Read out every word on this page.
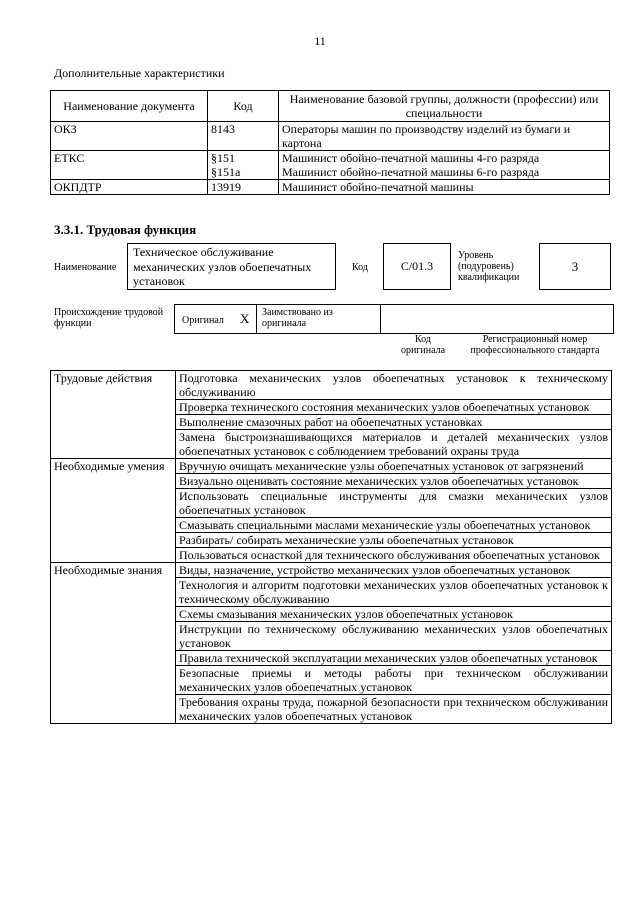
11
Дополнительные характеристики
Наименование документа	Код	Наименование базовой группы, должности (профессии) или специальности
ОКЗ	8143	Операторы машин по производству изделий из бумаги и картона
ЕТКС	§151	Машинист обойно-печатной машины 4-го разряда
	§151а	Машинист обойно-печатной машины 6-го разряда
ОКПДТР	13919	Машинист обойно-печатной машины
3.3.1. Трудовая функция
Наименование
Техническое обслуживание механических узлов обоепечатных установок
Код	С/01.3
Уровень (подуровень) квалификации
3
Происхождение трудовой функции	Оригинал X Заимствовано из оригинала
Код оригинала
Регистрационный номер профессионального стандарта
Трудовые действия	Подготовка механических узлов обоепечатных установок к техническому обслуживанию
	Проверка технического состояния механических узлов обоепечатных установок
	Выполнение смазочных работ на обоепечатных установках
	Замена быстроизнашивающихся материалов и деталей механических узлов обоепечатных установок с соблюдением требований охраны труда
Необходимые умения	Вручную очищать механические узлы обоепечатных установок от загрязнений
	Визуально оценивать состояние механических узлов обоепечатных установок
	Использовать специальные инструменты для смазки механических узлов обоепечатных установок
	Смазывать специальными маслами механические узлы обоепечатных установок
	Разбирать/ собирать механические узлы обоепечатных установок
	Пользоваться оснасткой для технического обслуживания обоепечатных установок
Необходимые знания	Виды, назначение, устройство механических узлов обоепечатных установок
	Технология и алгоритм подготовки механических узлов обоепечатных установок к техническому обслуживанию
	Схемы смазывания механических узлов обоепечатных установок
	Инструкции по техническому обслуживанию механических узлов обоепечатных установок
	Правила технической эксплуатации механических узлов обоепечатных установок
	Безопасные приемы и методы работы при техническом обслуживании механических узлов обоепечатных установок
	Требования охраны труда, пожарной безопасности при техническом обслуживании механических узлов обоепечатных установок
